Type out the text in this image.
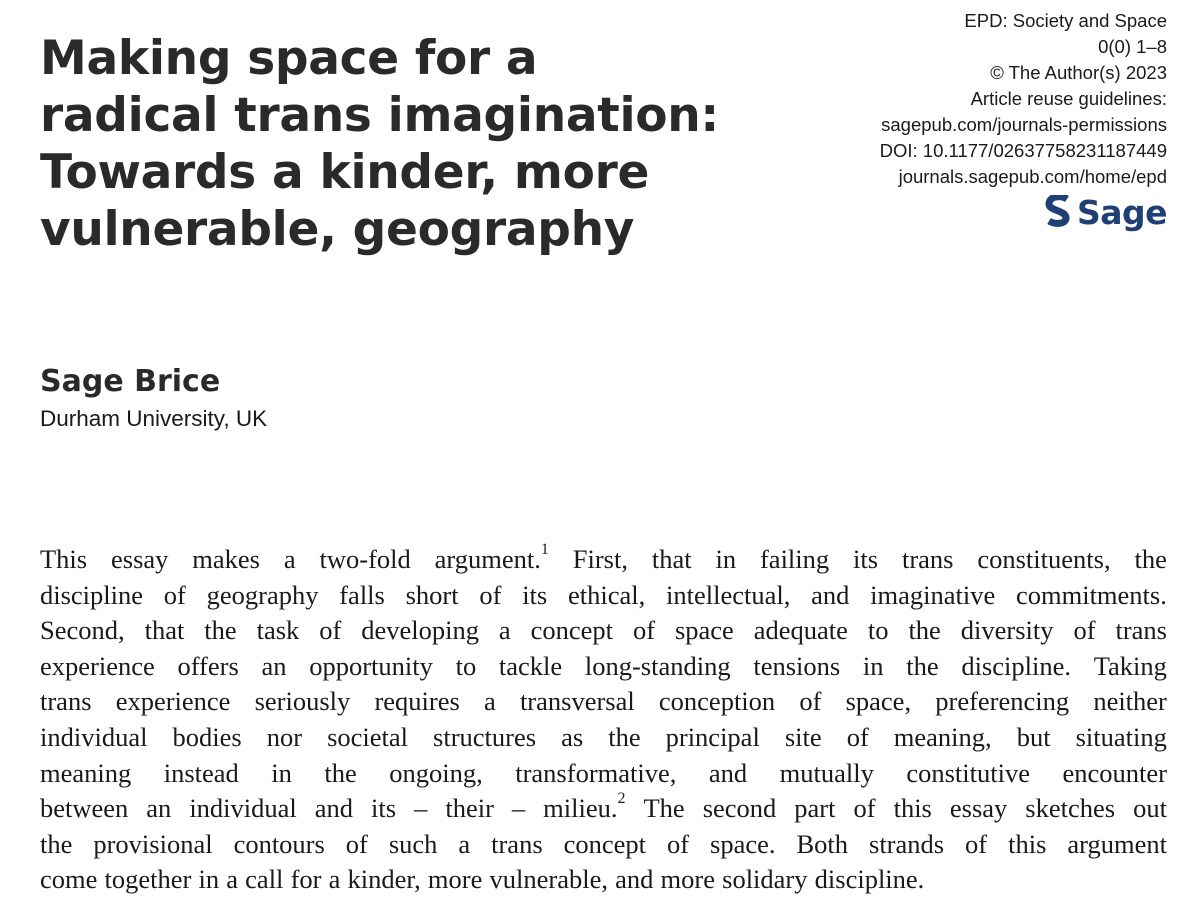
Making space for a
radical trans imagination:
Towards a kinder, more
vulnerable, geography
EPD: Society and Space
0(0) 1–8
© The Author(s) 2023
Article reuse guidelines:
sagepub.com/journals-permissions
DOI: 10.1177/02637758231187449
journals.sagepub.com/home/epd
Sage
Sage Brice
Durham University, UK
This essay makes a two-fold argument.$^1$ First, that in failing its trans constituents, the
discipline of geography falls short of its ethical, intellectual, and imaginative commitments.
Second, that the task of developing a concept of space adequate to the diversity of trans
experience offers an opportunity to tackle long-standing tensions in the discipline. Taking
trans experience seriously requires a transversal conception of space, preferencing neither
individual bodies nor societal structures as the principal site of meaning, but situating
meaning instead in the ongoing, transformative, and mutually constitutive encounter
between an individual and its – their – milieu.$^2$ The second part of this essay sketches out
the provisional contours of such a trans concept of space. Both strands of this argument
come together in a call for a kinder, more vulnerable, and more solidary discipline.
